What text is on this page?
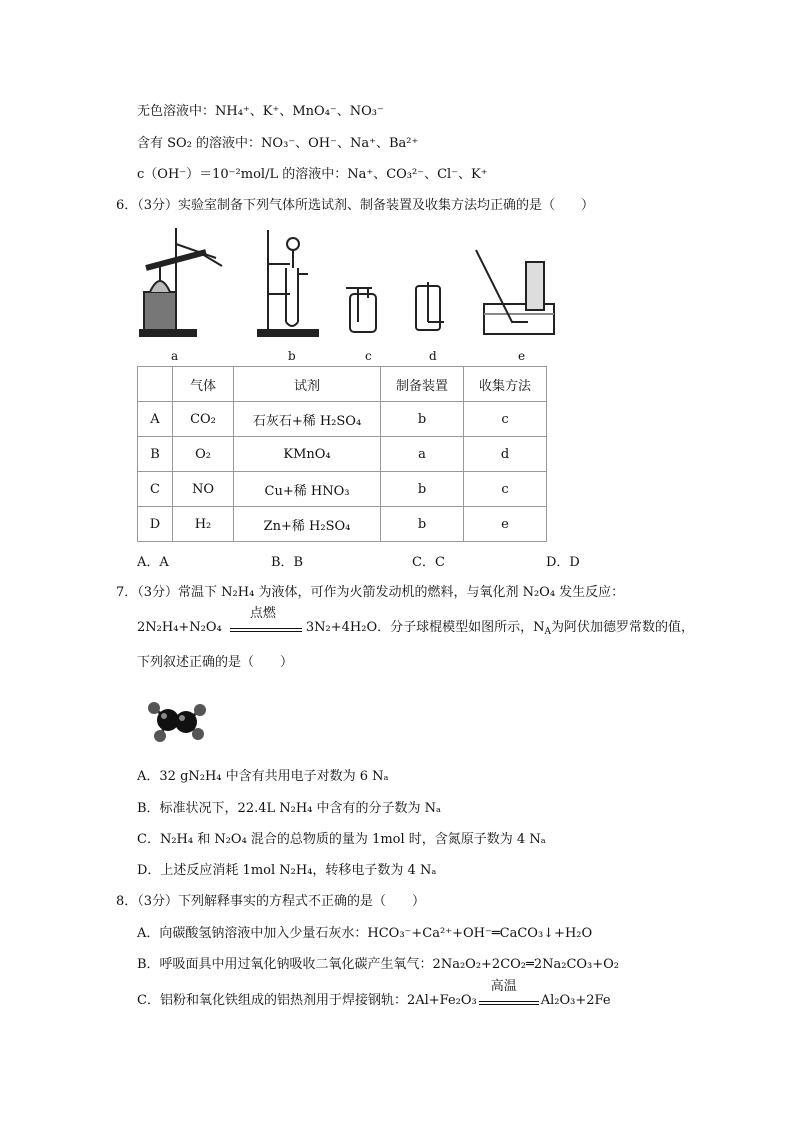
无色溶液中：NH₄⁺、K⁺、MnO₄⁻、NO₃⁻
含有 SO₂ 的溶液中：NO₃⁻、OH⁻、Na⁺、Ba²⁺
c（OH⁻）＝10⁻²mol/L 的溶液中：Na⁺、CO₃²⁻、Cl⁻、K⁺
6．（3分）实验室制备下列气体所选试剂、制备装置及收集方法均正确的是（　　）
a	b	c	d	e
	气体	试剂	制备装置	收集方法
A	CO₂	石灰石+稀 H₂SO₄	b	c
B	O₂	KMnO₄	a	d
C	NO	Cu+稀 HNO₃	b	c
D	H₂	Zn+稀 H₂SO₄	b	e
A．A	B．B	C．C	D．D
7．（3分）常温下 N₂H₄ 为液体，可作为火箭发动机的燃料，与氧化剂 N₂O₄ 发生反应：
2N₂H₄+N₂O₄
点燃
3N₂+4H₂O．分子球棍模型如图所示，$N_A$为阿伏加德罗常数的值，
下列叙述正确的是（　　）
A．32 gN₂H₄ 中含有共用电子对数为 6 Nₐ
B．标准状况下，22.4L N₂H₄ 中含有的分子数为 Nₐ
C．N₂H₄ 和 N₂O₄ 混合的总物质的量为 1mol 时，含氮原子数为 4 Nₐ
D．上述反应消耗 1mol N₂H₄，转移电子数为 4 Nₐ
8．（3分）下列解释事实的方程式不正确的是（　　）
A．向碳酸氢钠溶液中加入少量石灰水：HCO₃⁻+Ca²⁺+OH⁻═CaCO₃↓+H₂O
B．呼吸面具中用过氧化钠吸收二氧化碳产生氧气：2Na₂O₂+2CO₂═2Na₂CO₃+O₂
C．铝粉和氧化铁组成的铝热剂用于焊接钢轨：2Al+Fe₂O₃
高温
Al₂O₃+2Fe
